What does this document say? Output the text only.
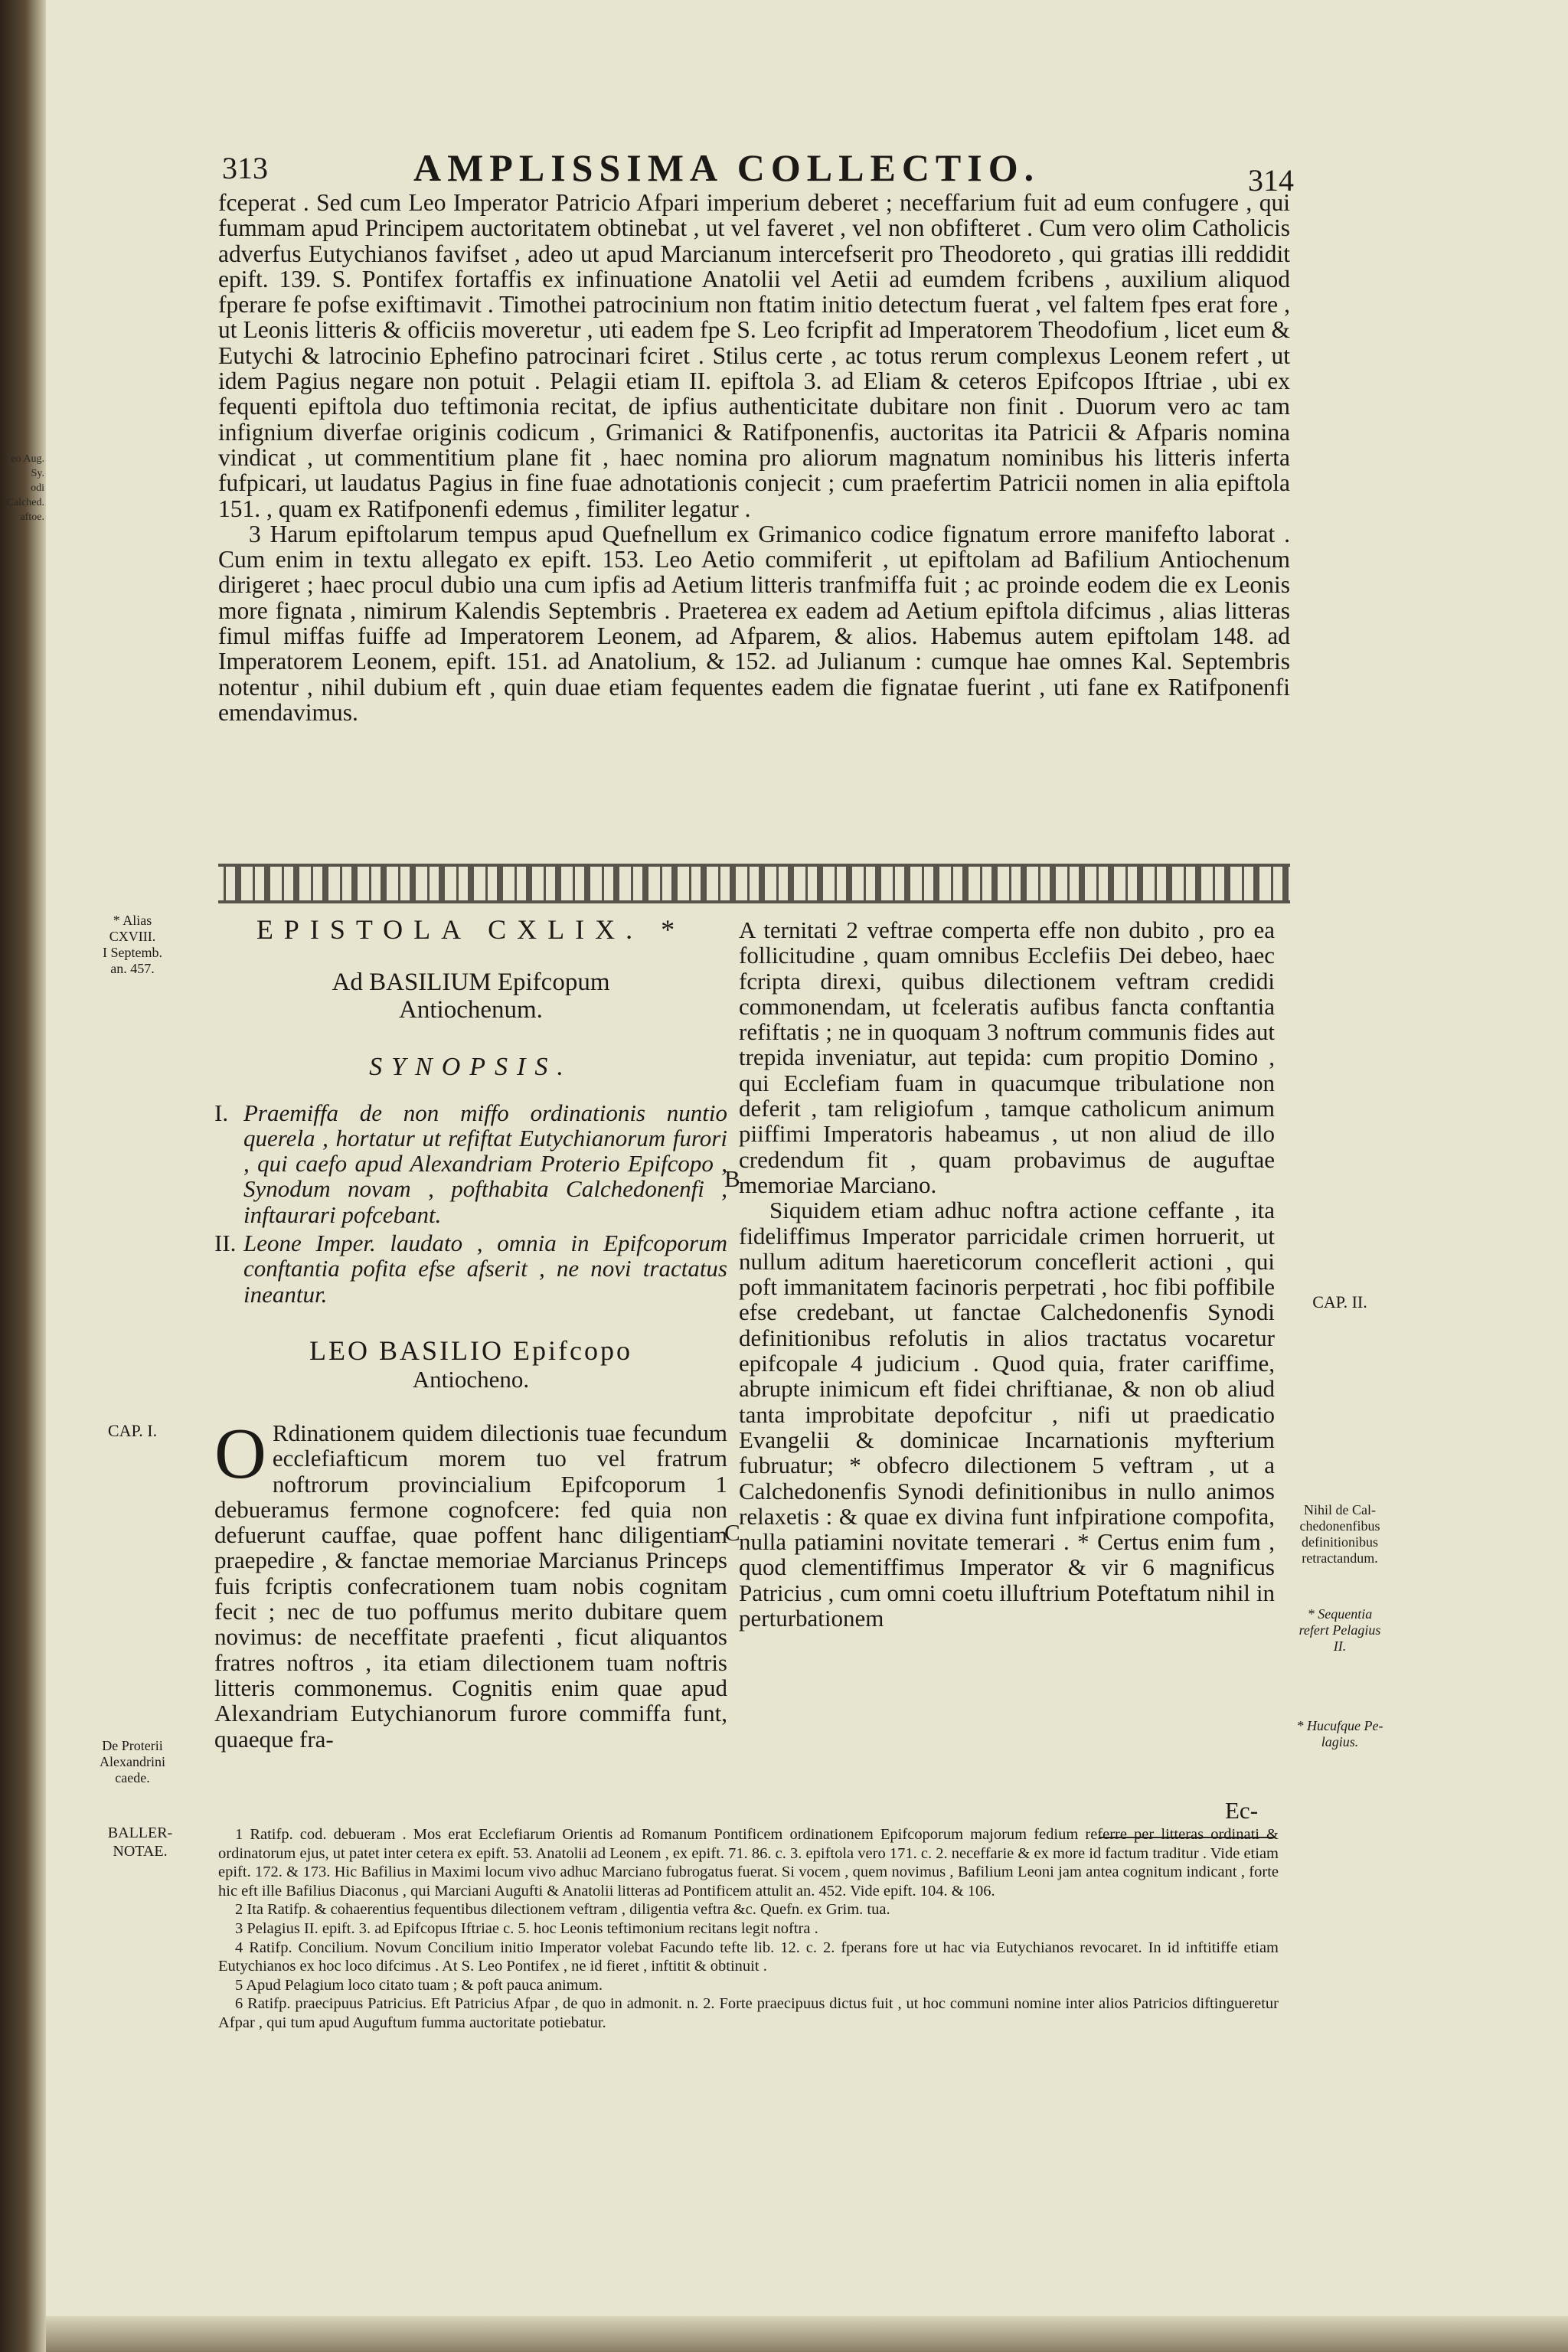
eo Aug. Sy.
odi Calched.
aftoe.
313	AMPLISSIMA COLLECTIO.	314

fceperat . Sed cum Leo Imperator Patricio Afpari imperium deberet ; neceffarium fuit ad eum confugere , qui fummam apud Principem auctoritatem obtinebat , ut vel faveret , vel non obfifteret . Cum vero olim Catholicis adverfus Eutychianos favifset , adeo ut apud Marcianum intercefserit pro Theodoreto , qui gratias illi reddidit epift. 139. S. Pontifex fortaffis ex infinuatione Anatolii vel Aetii ad eumdem fcribens , auxilium aliquod fperare fe pofse exiftimavit . Timothei patrocinium non ftatim initio detectum fuerat , vel faltem fpes erat fore , ut Leonis litteris & officiis moveretur , uti eadem fpe S. Leo fcripfit ad Imperatorem Theodofium , licet eum & Eutychi & latrocinio Ephefino patrocinari fciret . Stilus certe , ac totus rerum complexus Leonem refert , ut idem Pagius negare non potuit . Pelagii etiam II. epiftola 3. ad Eliam & ceteros Epifcopos Iftriae , ubi ex fequenti epiftola duo teftimonia recitat, de ipfius authenticitate dubitare non finit . Duorum vero ac tam infignium diverfae originis codicum , Grimanici & Ratifponenfis, auctoritas ita Patricii & Afparis nomina vindicat , ut commentitium plane fit , haec nomina pro aliorum magnatum nominibus his litteris inferta fufpicari, ut laudatus Pagius in fine fuae adnotationis conjecit ; cum praefertim Patricii nomen in alia epiftola 151. , quam ex Ratifponenfi edemus , fimiliter legatur .

3 Harum epiftolarum tempus apud Quefnellum ex Grimanico codice fignatum errore manifefto laborat . Cum enim in textu allegato ex epift. 153. Leo Aetio commiferit , ut epiftolam ad Bafilium Antiochenum dirigeret ; haec procul dubio una cum ipfis ad Aetium litteris tranfmiffa fuit ; ac proinde eodem die ex Leonis more fignata , nimirum Kalendis Septembris . Praeterea ex eadem ad Aetium epiftola difcimus , alias litteras fimul miffas fuiffe ad Imperatorem Leonem, ad Afparem, & alios. Habemus autem epiftolam 148. ad Imperatorem Leonem, epift. 151. ad Anatolium, & 152. ad Julianum : cumque hae omnes Kal. Septembris notentur , nihil dubium eft , quin duae etiam fequentes eadem die fignatae fuerint , uti fane ex Ratifponenfi emendavimus.

* Alias
CXVIII.
I Septemb.
an. 457.
CAP. I.
De Proterii
Alexandrini
caede.
EPISTOLA CXLIX. *
Ad BASILIUM Epifcopum
Antiochenum.
SYNOPSIS.

I. Praemiffa de non miffo ordinationis nuntio querela , hortatur ut refiftat Eutychianorum furori , qui caefo apud Alexandriam Proterio Epifcopo , Synodum novam , pofthabita Calchedonenfi , inftaurari pofcebant.

II. Leone Imper. laudato , omnia in Epifcoporum conftantia pofita efse afserit , ne novi tractatus ineantur.

LEO BASILIO Epifcopo
Antiocheno.

O Rdinationem quidem dilectionis tuae fecundum ecclefiafticum morem tuo vel fratrum noftrorum provincialium Epifcoporum 1 debueramus fermone cognofcere: fed quia non defuerunt cauffae, quae poffent hanc diligentiam praepedire , & fanctae memoriae Marcianus Princeps fuis fcriptis confecrationem tuam nobis cognitam fecit ; nec de tuo poffumus merito dubitare quem novimus: de neceffitate praefenti , ficut aliquantos fratres noftros , ita etiam dilectionem tuam noftris litteris commonemus. Cognitis enim quae apud Alexandriam Eutychianorum furore commiffa funt, quaeque fra-

B
C

A ternitati 2 veftrae comperta effe non dubito , pro ea follicitudine , quam omnibus Ecclefiis Dei debeo, haec fcripta direxi, quibus dilectionem veftram credidi commonendam, ut fceleratis aufibus fancta conftantia refiftatis ; ne in quoquam 3 noftrum communis fides aut trepida inveniatur, aut tepida: cum propitio Domino , qui Ecclefiam fuam in quacumque tribulatione non deferit , tam religiofum , tamque catholicum animum piiffimi Imperatoris habeamus , ut non aliud de illo credendum fit , quam probavimus de auguftae memoriae Marciano.

Siquidem etiam adhuc noftra actione ceffante , ita fideliffimus Imperator parricidale crimen horruerit, ut nullum aditum haereticorum conceflerit actioni , qui poft immanitatem facinoris perpetrati , hoc fibi poffibile efse credebant, ut fanctae Calchedonenfis Synodi definitionibus refolutis in alios tractatus vocaretur epifcopale 4 judicium . Quod quia, frater cariffime, abrupte inimicum eft fidei chriftianae, & non ob aliud tanta improbitate depofcitur , nifi ut praedicatio Evangelii & dominicae Incarnationis myfterium fubruatur; * obfecro dilectionem 5 veftram , ut a Calchedonenfis Synodi definitionibus in nullo animos relaxetis : & quae ex divina funt infpiratione compofita, nulla patiamini novitate temerari . * Certus enim fum , quod clementiffimus Imperator & vir 6 magnificus Patricius , cum omni coetu illuftrium Poteftatum nihil in perturbationem

Ec-
CAP. II.
Nihil de Cal-
chedonenfibus
definitionibus
retractandum.
* Sequentia
refert Pelagius
II.
* Hucufque Pe-
lagius.
BALLER-
NOTAE.

1 Ratifp. cod. debueram . Mos erat Ecclefiarum Orientis ad Romanum Pontificem ordinationem Epifcoporum majorum fedium referre per litteras ordinati & ordinatorum ejus, ut patet inter cetera ex epift. 53. Anatolii ad Leonem , ex epift. 71. 86. c. 3. epiftola vero 171. c. 2. neceffarie & ex more id factum traditur . Vide etiam epift. 172. & 173. Hic Bafilius in Maximi locum vivo adhuc Marciano fubrogatus fuerat. Si vocem , quem novimus , Bafilium Leoni jam antea cognitum indicant , forte hic eft ille Bafilius Diaconus , qui Marciani Augufti & Anatolii litteras ad Pontificem attulit an. 452. Vide epift. 104. & 106.

2 Ita Ratifp. & cohaerentius fequentibus dilectionem veftram , diligentia veftra &c. Quefn. ex Grim. tua.

3 Pelagius II. epift. 3. ad Epifcopus Iftriae c. 5. hoc Leonis teftimonium recitans legit noftra .

4 Ratifp. Concilium. Novum Concilium initio Imperator volebat Facundo tefte lib. 12. c. 2. fperans fore ut hac via Eutychianos revocaret. In id inftitiffe etiam Eutychianos ex hoc loco difcimus . At S. Leo Pontifex , ne id fieret , inftitit & obtinuit .

5 Apud Pelagium loco citato tuam ; & poft pauca animum.

6 Ratifp. praecipuus Patricius. Eft Patricius Afpar , de quo in admonit. n. 2. Forte praecipuus dictus fuit , ut hoc communi nomine inter alios Patricios diftingueretur Afpar , qui tum apud Auguftum fumma auctoritate potiebatur.
